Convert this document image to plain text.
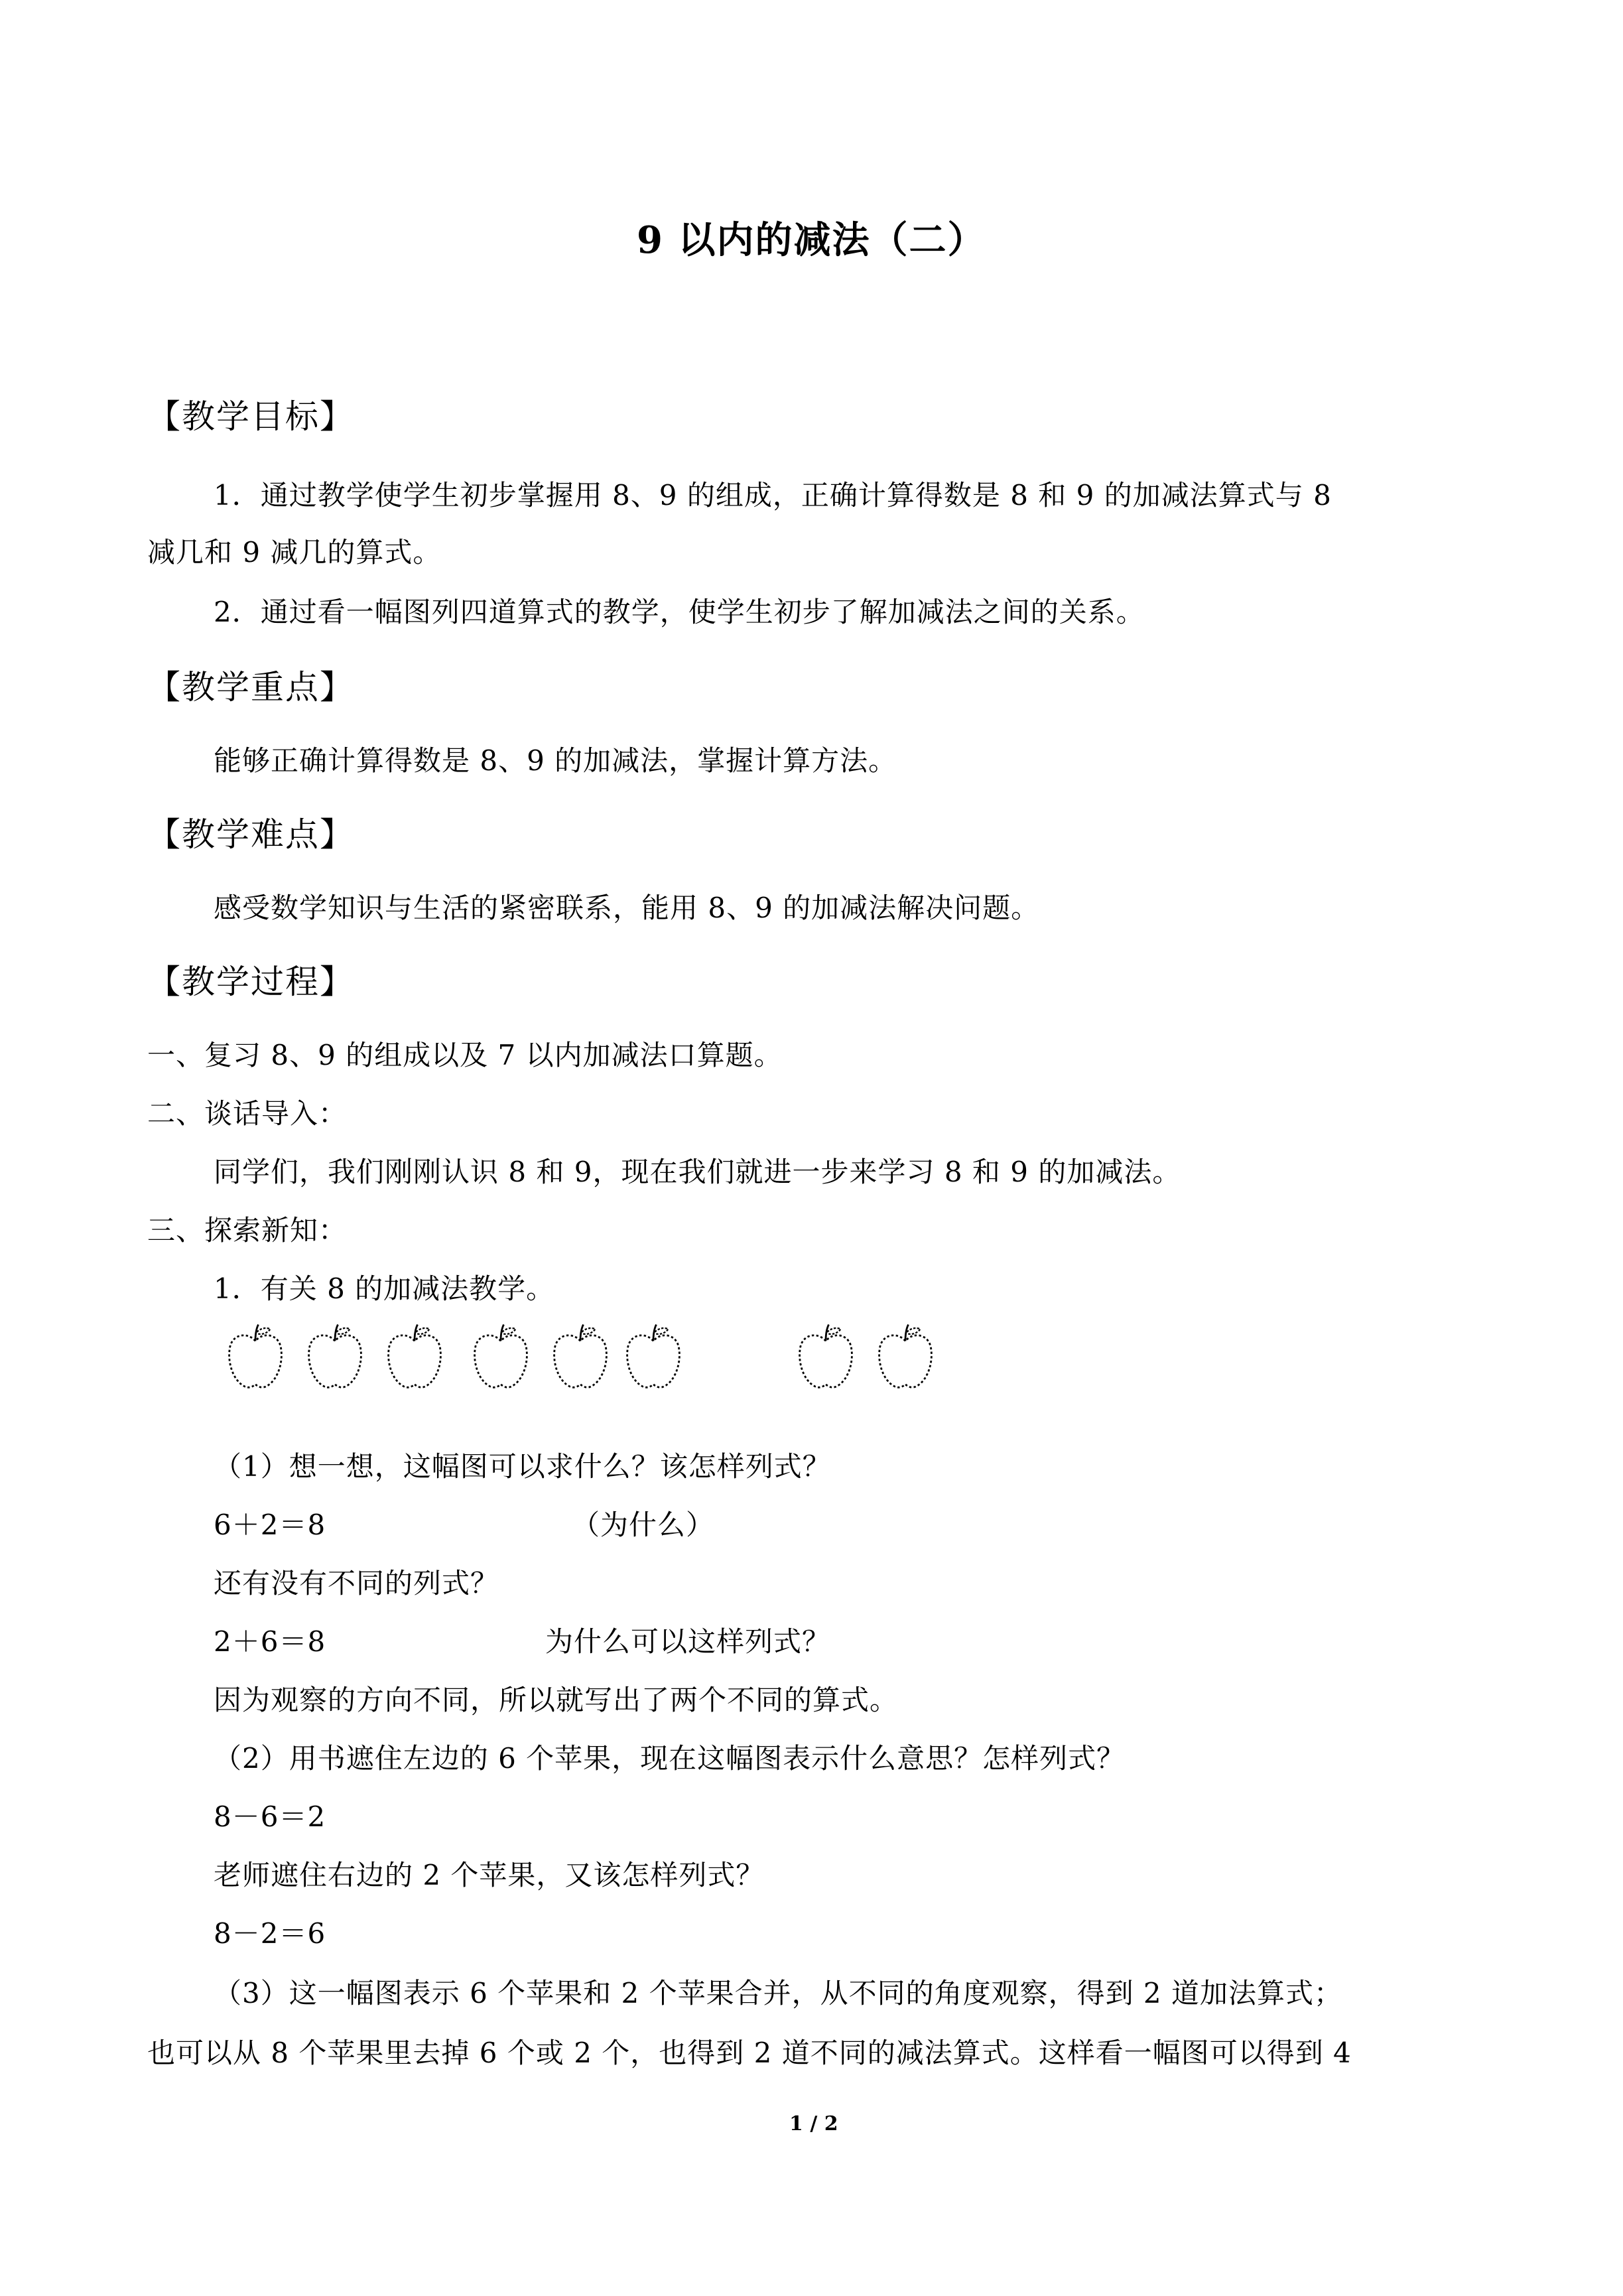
9 以内的减法（二）
【教学目标】
1．通过教学使学生初步掌握用 8、9 的组成，正确计算得数是 8 和 9 的加减法算式与 8
减几和 9 减几的算式。
2．通过看一幅图列四道算式的教学，使学生初步了解加减法之间的关系。
【教学重点】
能够正确计算得数是 8、9 的加减法，掌握计算方法。
【教学难点】
感受数学知识与生活的紧密联系，能用 8、9 的加减法解决问题。
【教学过程】
一、复习 8、9 的组成以及 7 以内加减法口算题。
二、谈话导入：
同学们，我们刚刚认识 8 和 9，现在我们就进一步来学习 8 和 9 的加减法。
三、探索新知：
1．有关 8 的加减法教学。
（1）想一想，这幅图可以求什么？该怎样列式？
6＋2＝8	（为什么）
还有没有不同的列式？
2＋6＝8	为什么可以这样列式？
因为观察的方向不同，所以就写出了两个不同的算式。
（2）用书遮住左边的 6 个苹果，现在这幅图表示什么意思？怎样列式？
8－6＝2
老师遮住右边的 2 个苹果，又该怎样列式？
8－2＝6
（3）这一幅图表示 6 个苹果和 2 个苹果合并，从不同的角度观察，得到 2 道加法算式；
也可以从 8 个苹果里去掉 6 个或 2 个，也得到 2 道不同的减法算式。这样看一幅图可以得到 4
1 / 2
